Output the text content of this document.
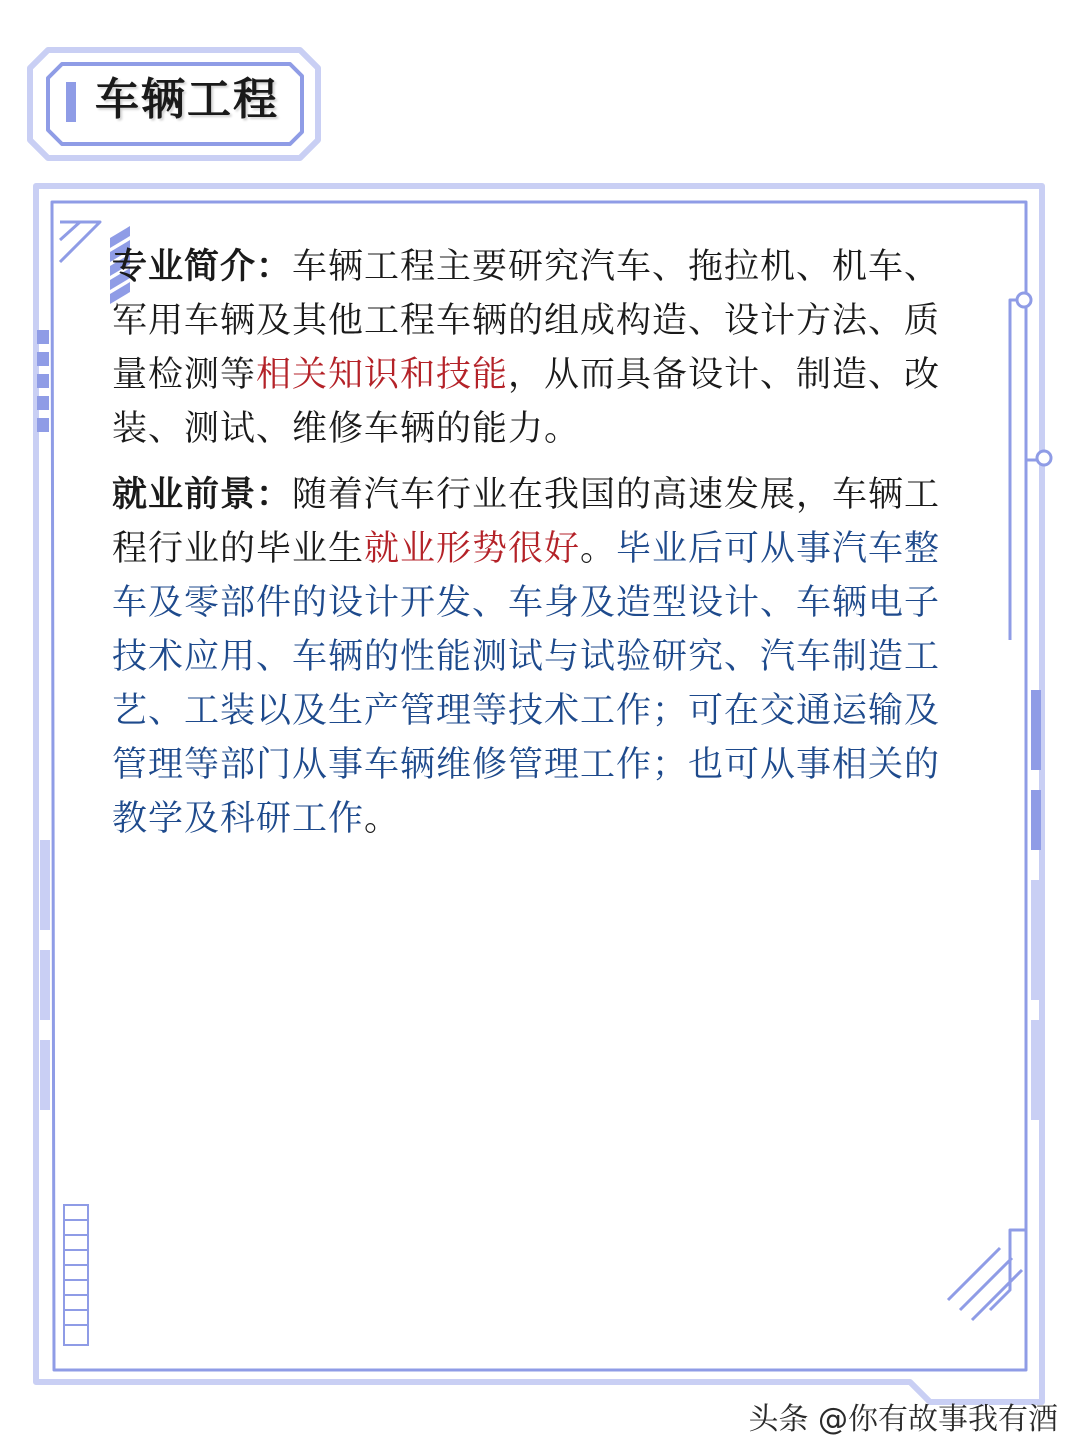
车辆工程

专业简介：车辆工程主要研究汽车、拖拉机、机车、军用车辆及其他工程车辆的组成构造、设计方法、质量检测等相关知识和技能，从而具备设计、制造、改装、测试、维修车辆的能力。

就业前景：随着汽车行业在我国的高速发展，车辆工程行业的毕业生就业形势很好。毕业后可从事汽车整车及零部件的设计开发、车身及造型设计、车辆电子技术应用、车辆的性能测试与试验研究、汽车制造工艺、工装以及生产管理等技术工作；可在交通运输及管理等部门从事车辆维修管理工作；也可从事相关的教学及科研工作。

头条 @你有故事我有酒
